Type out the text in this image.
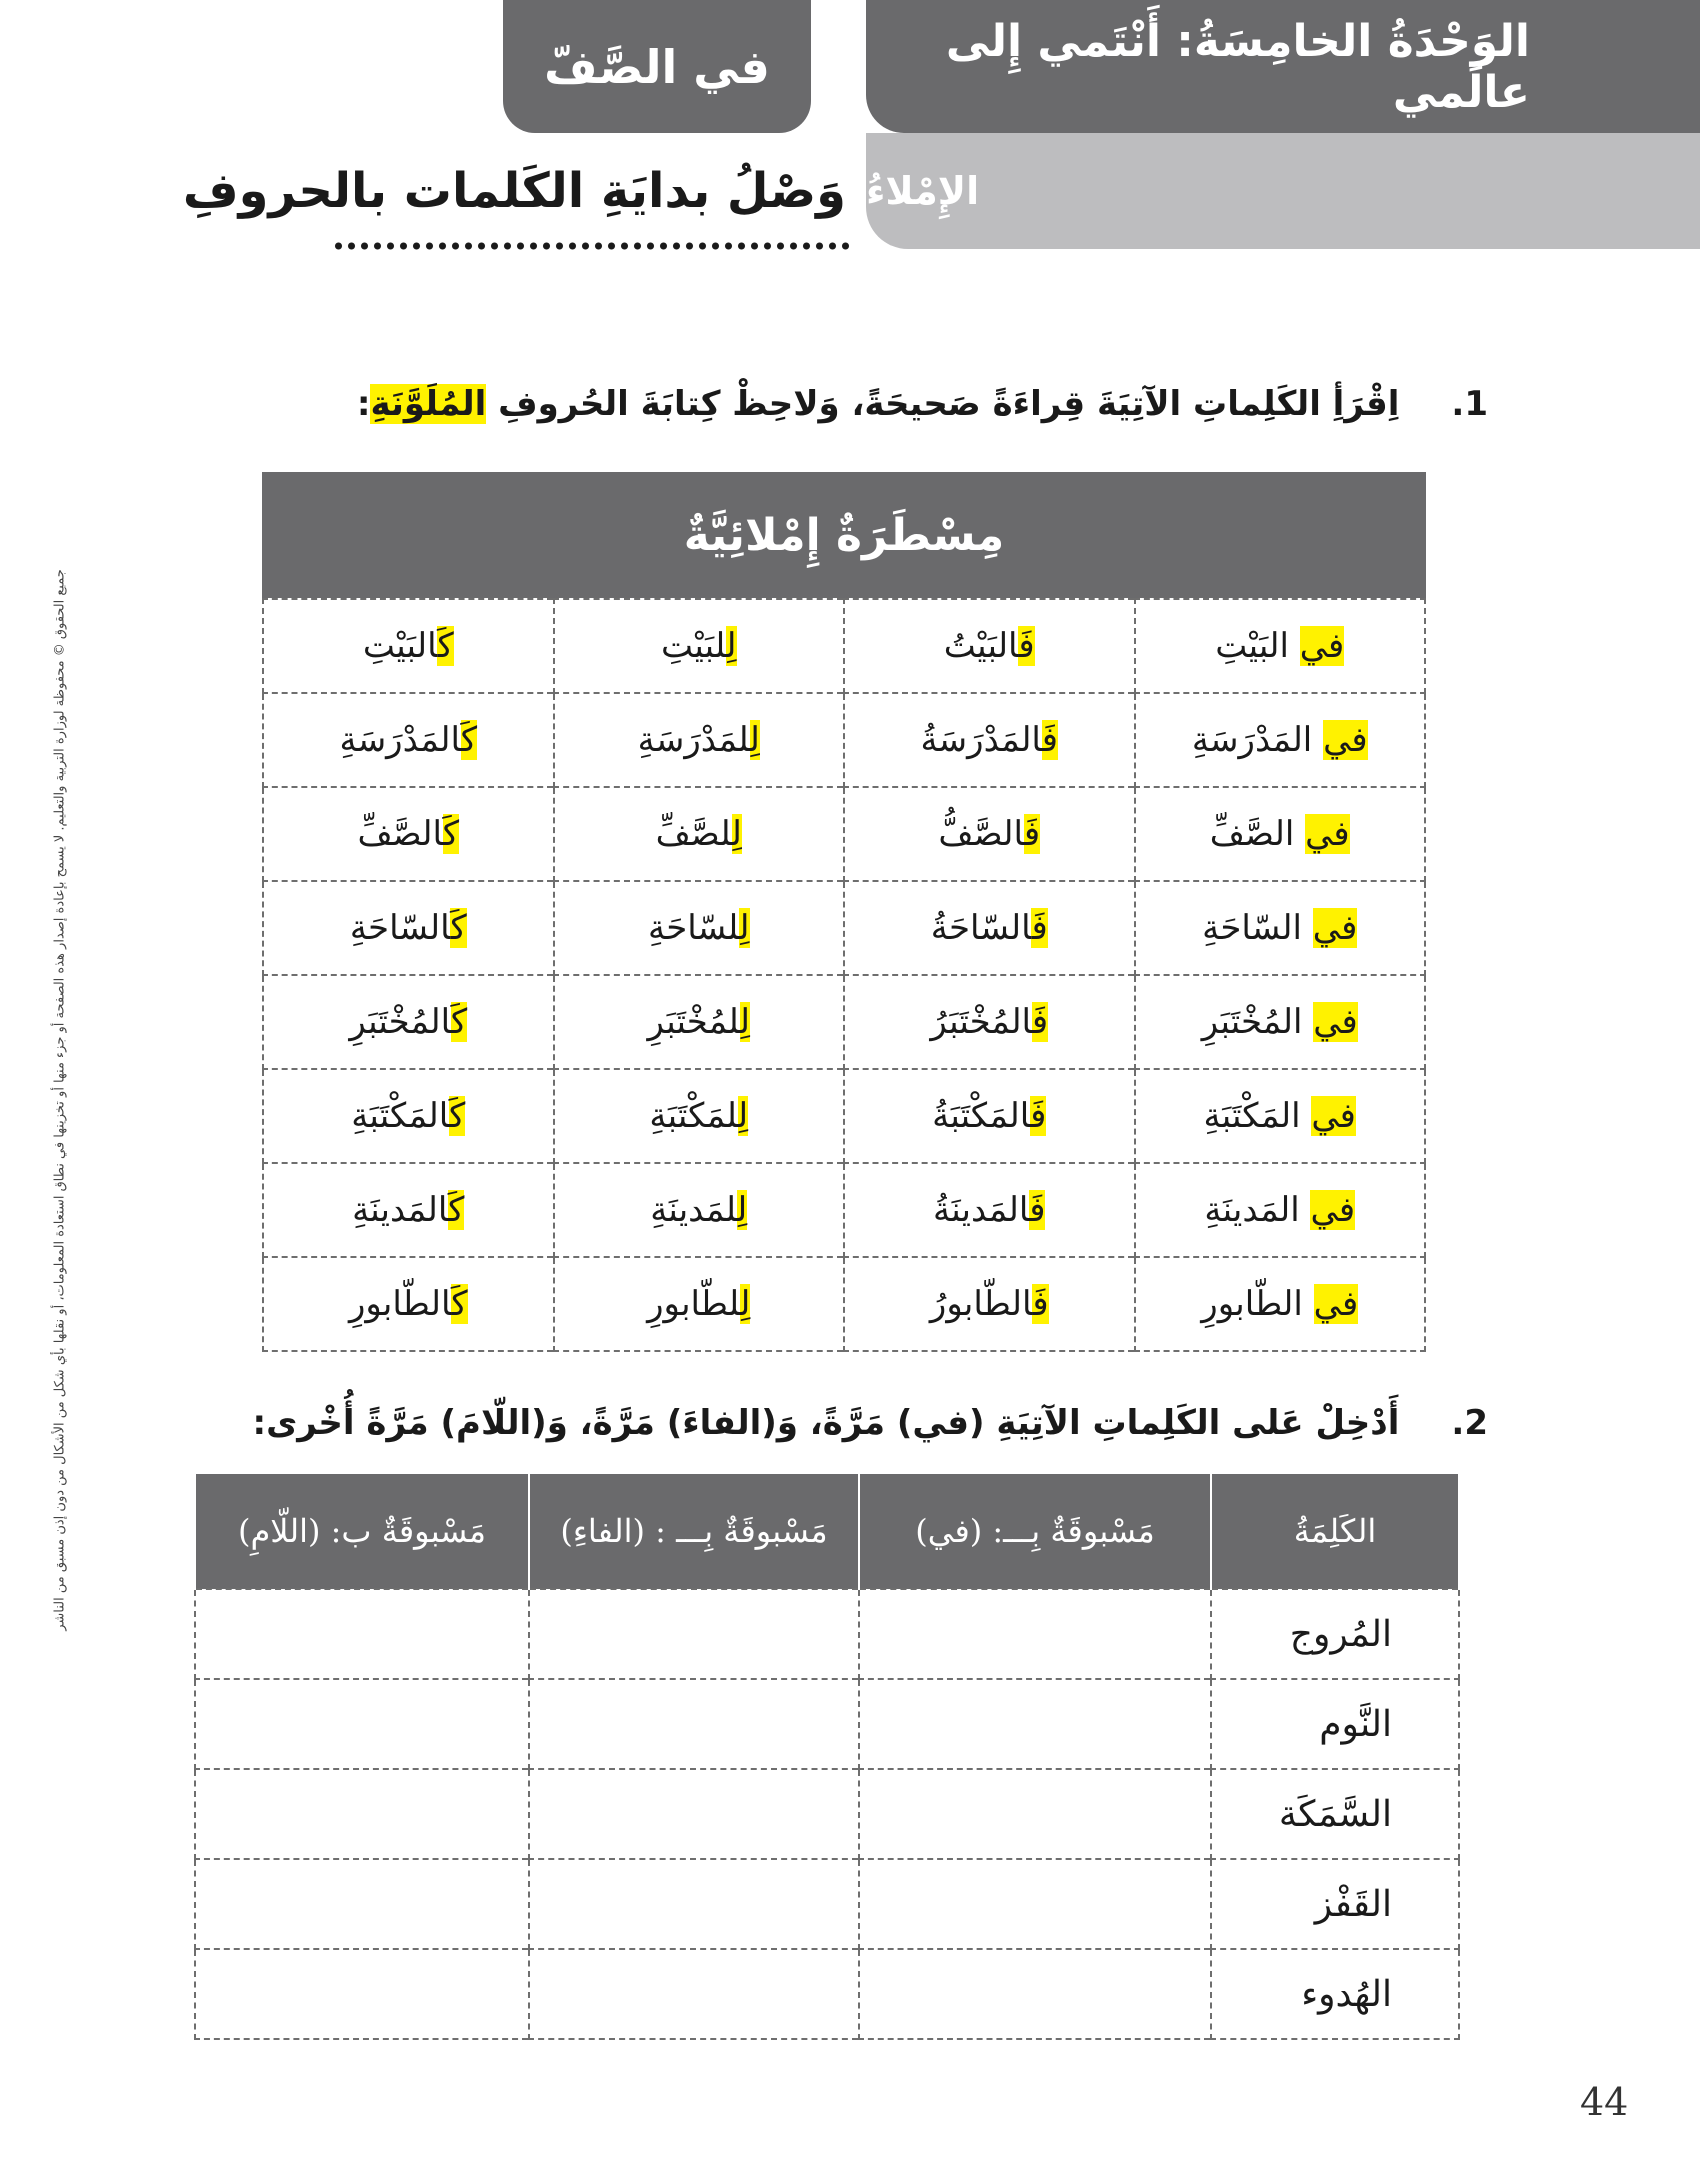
في الصَّفّ	الوَحْدَةُ الخامِسَةُ: أَنْتَمي إِلى عالَمي
الإِمْلاءُ
وَصْلُ بدايَةِ الكَلمات بالحروفِ
1.اِقْرَأِ الكَلِماتِ الآتِيَةَ قِراءَةً صَحيحَةً، وَلاحِظْ كِتابَةَ الحُروفِ المُلَوَّنَةِ:
مِسْطَرَةٌ إِمْلائِيَّةٌ
في البَيْتِ	فَالبَيْتُ	لِلبَيْتِ	كَالبَيْتِ
في المَدْرَسَةِ	فَالمَدْرَسَةُ	لِلمَدْرَسَةِ	كَالمَدْرَسَةِ
في الصَّفِّ	فَالصَّفُّ	لِلصَّفِّ	كَالصَّفِّ
في السّاحَةِ	فَالسّاحَةُ	لِلسّاحَةِ	كَالسّاحَةِ
في المُخْتَبَرِ	فَالمُخْتَبَرُ	لِلمُخْتَبَرِ	كَالمُخْتَبَرِ
في المَكْتَبَةِ	فَالمَكْتَبَةُ	لِلمَكْتَبَةِ	كَالمَكْتَبَةِ
في المَدينَةِ	فَالمَدينَةُ	لِلمَدينَةِ	كَالمَدينَةِ
في الطّابورِ	فَالطّابورُ	لِلطّابورِ	كَالطّابورِ
2.أَدْخِلْ عَلى الكَلِماتِ الآتِيَةِ (في) مَرَّةً، وَ(الفاءَ) مَرَّةً، وَ(اللّامَ) مَرَّةً أُخْرى:
الكَلِمَةُ	مَسْبوقَةٌ بِـــ: (في)	مَسْبوقَةٌ بِـــ : (الفاءِ)	مَسْبوقَةٌ ب: (اللّامِ)
المُروج			
النَّوم			
السَّمَكَة			
القَفْز			
الهُدوء			
جميع الحقوق © محفوظة لوزارة التربية والتعليم. لا يسمح بإعادة إصدار هذه الصفحة أو جزء منها أو تخزينها في نطاق استعادة المعلومات، أو نقلها بأي شكل من الأشكال من دون إذن مسبق من الناشر
44
